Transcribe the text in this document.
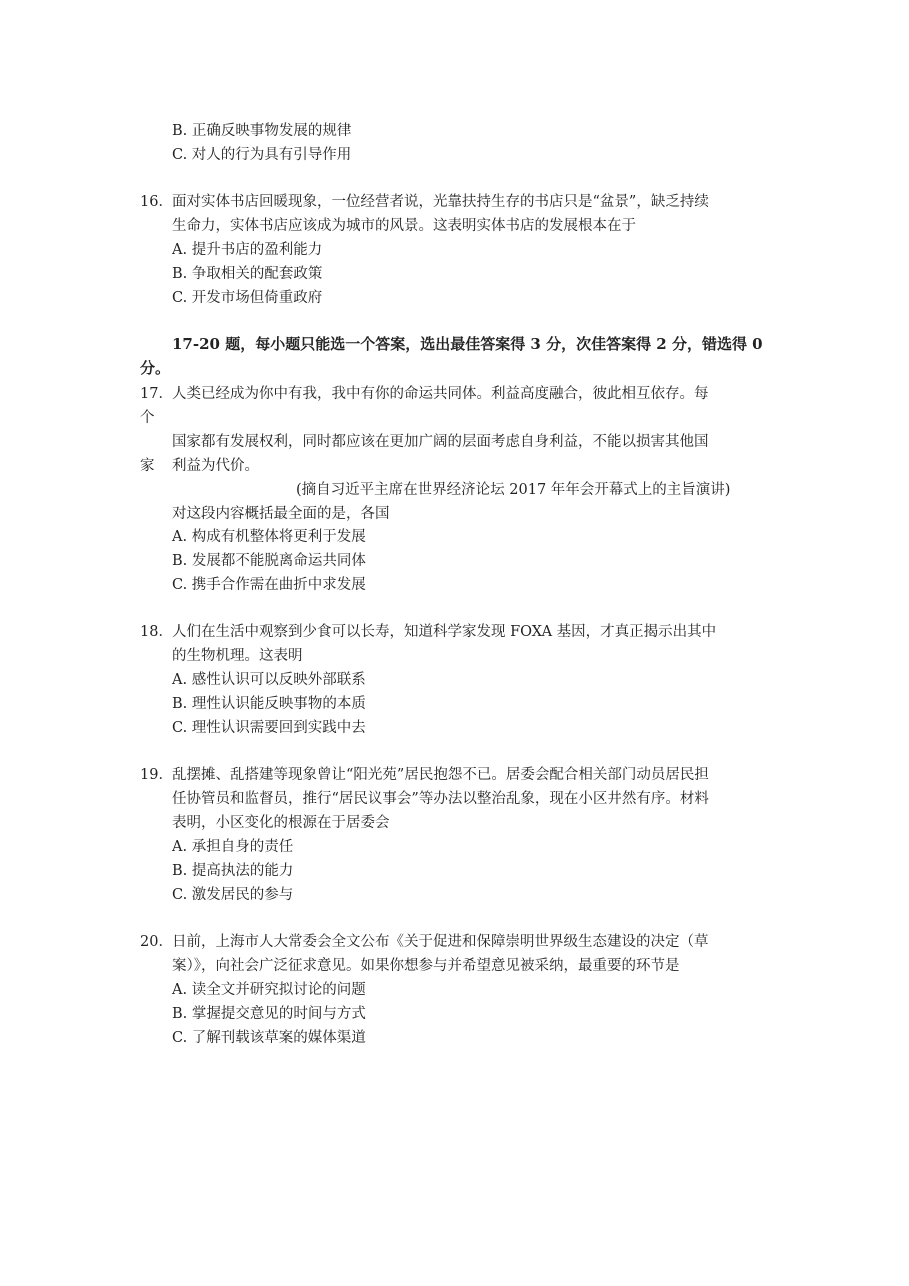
B. 正确反映事物发展的规律
C. 对人的行为具有引导作用
16． 面对实体书店回暖现象，一位经营者说，光靠扶持生存的书店只是“盆景”，缺乏持续
生命力，实体书店应该成为城市的风景。这表明实体书店的发展根本在于
A. 提升书店的盈利能力
B. 争取相关的配套政策
C. 开发市场但倚重政府
17-20 题，每小题只能选一个答案，选出最佳答案得 3 分，次佳答案得 2 分，错选得 0
分。
17． 人类已经成为你中有我，我中有你的命运共同体。利益高度融合，彼此相互依存。每
个
国家都有发展权利，同时都应该在更加广阔的层面考虑自身利益，不能以损害其他国
家 利益为代价。
(摘自习近平主席在世界经济论坛 2017 年年会开幕式上的主旨演讲)
对这段内容概括最全面的是，各国
A. 构成有机整体将更利于发展
B. 发展都不能脱离命运共同体
C. 携手合作需在曲折中求发展
18． 人们在生活中观察到少食可以长寿，知道科学家发现 FOXA 基因，才真正揭示出其中
的生物机理。这表明
A. 感性认识可以反映外部联系
B. 理性认识能反映事物的本质
C. 理性认识需要回到实践中去
19． 乱摆摊、乱搭建等现象曾让“阳光苑”居民抱怨不已。居委会配合相关部门动员居民担
任协管员和监督员，推行“居民议事会”等办法以整治乱象，现在小区井然有序。材料
表明，小区变化的根源在于居委会
A. 承担自身的责任
B. 提高执法的能力
C. 激发居民的参与
20． 日前，上海市人大常委会全文公布《关于促进和保障崇明世界级生态建设的决定（草
案）》，向社会广泛征求意见。如果你想参与并希望意见被采纳，最重要的环节是
A. 读全文并研究拟讨论的问题
B. 掌握提交意见的时间与方式
C. 了解刊载该草案的媒体渠道
